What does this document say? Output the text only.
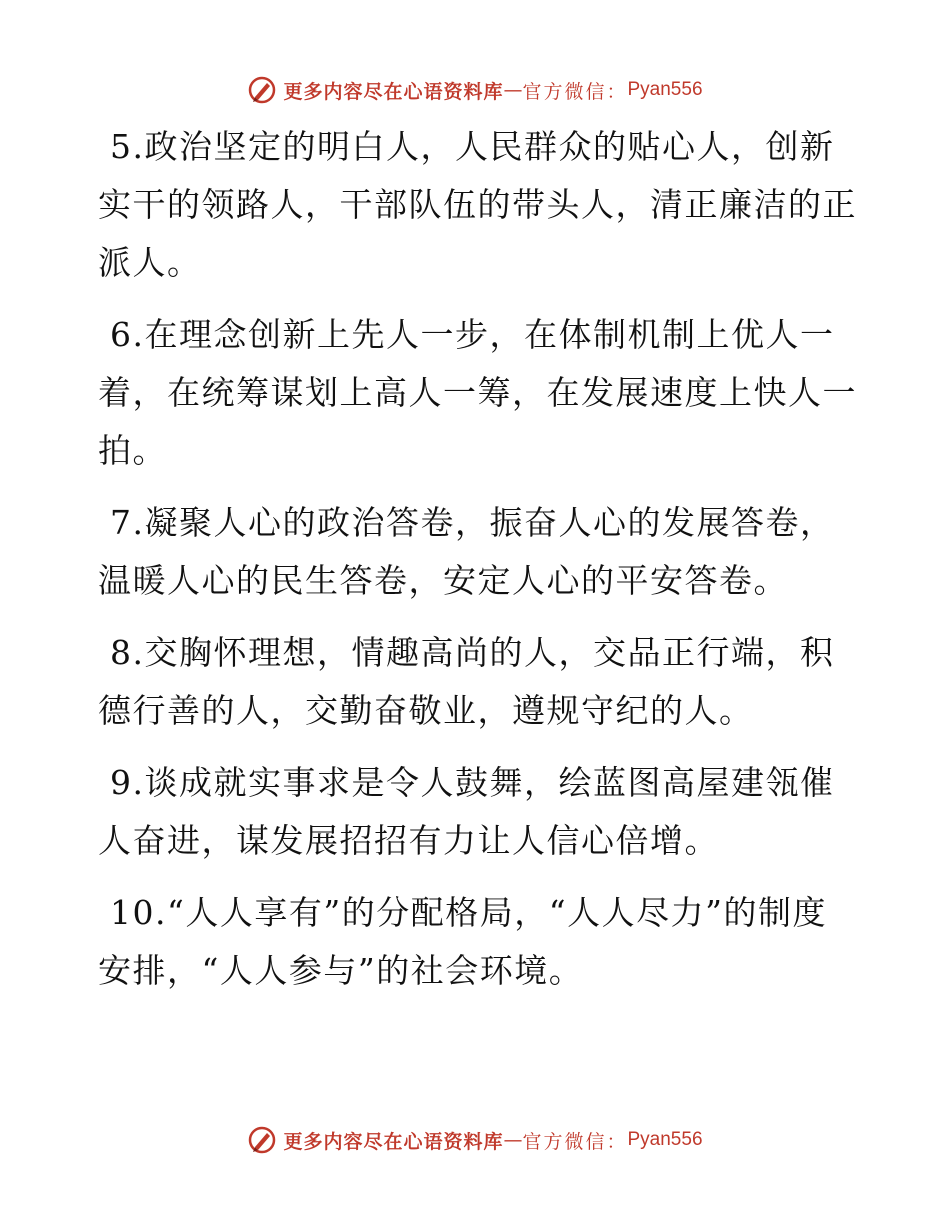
更多内容尽在心语资料库 — 官方微信： Pyan556

5.政治坚定的明白人，人民群众的贴心人，创新实干的领路人，干部队伍的带头人，清正廉洁的正派人。

6.在理念创新上先人一步，在体制机制上优人一着，在统筹谋划上高人一筹，在发展速度上快人一拍。

7.凝聚人心的政治答卷，振奋人心的发展答卷，温暖人心的民生答卷，安定人心的平安答卷。

8.交胸怀理想，情趣高尚的人，交品正行端，积德行善的人，交勤奋敬业，遵规守纪的人。

9.谈成就实事求是令人鼓舞，绘蓝图高屋建瓴催人奋进，谋发展招招有力让人信心倍增。

10.“人人享有”的分配格局，“人人尽力”的制度安排，“人人参与”的社会环境。

更多内容尽在心语资料库 — 官方微信： Pyan556
